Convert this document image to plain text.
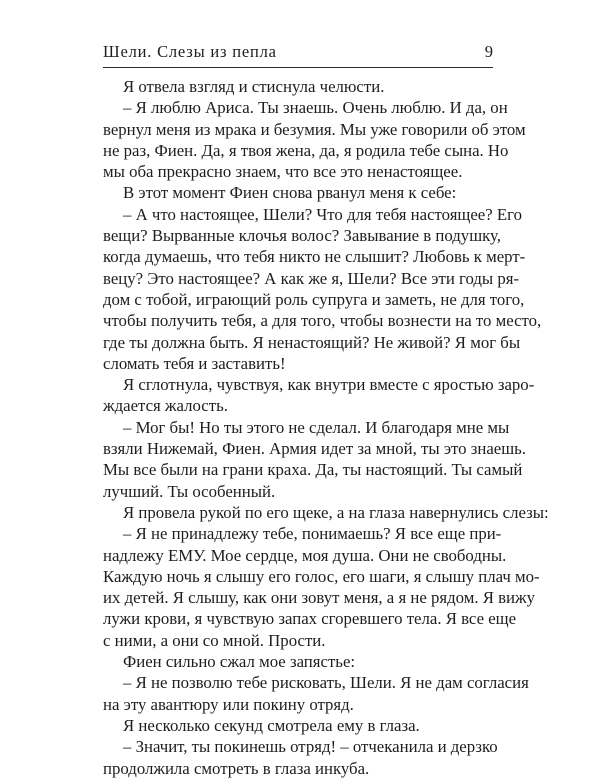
Шели. Слезы из пепла	9
Я отвела взгляд и стиснула челюсти.
– Я люблю Ариса. Ты знаешь. Очень люблю. И да, он
вернул меня из мрака и безумия. Мы уже говорили об этом
не раз, Фиен. Да, я твоя жена, да, я родила тебе сына. Но
мы оба прекрасно знаем, что все это ненастоящее.
В этот момент Фиен снова рванул меня к себе:
– А что настоящее, Шели? Что для тебя настоящее? Его
вещи? Вырванные клочья волос? Завывание в подушку,
когда думаешь, что тебя никто не слышит? Любовь к мерт-
вецу? Это настоящее? А как же я, Шели? Все эти годы ря-
дом с тобой, играющий роль супруга и заметь, не для того,
чтобы получить тебя, а для того, чтобы вознести на то место,
где ты должна быть. Я ненастоящий? Не живой? Я мог бы
сломать тебя и заставить!
Я сглотнула, чувствуя, как внутри вместе с яростью заро-
ждается жалость.
– Мог бы! Но ты этого не сделал. И благодаря мне мы
взяли Нижемай, Фиен. Армия идет за мной, ты это знаешь.
Мы все были на грани краха. Да, ты настоящий. Ты самый
лучший. Ты особенный.
Я провела рукой по его щеке, а на глаза навернулись слезы:
– Я не принадлежу тебе, понимаешь? Я все еще при-
надлежу ЕМУ. Мое сердце, моя душа. Они не свободны.
Каждую ночь я слышу его голос, его шаги, я слышу плач мо-
их детей. Я слышу, как они зовут меня, а я не рядом. Я вижу
лужи крови, я чувствую запах сгоревшего тела. Я все еще
с ними, а они со мной. Прости.
Фиен сильно сжал мое запястье:
– Я не позволю тебе рисковать, Шели. Я не дам согласия
на эту авантюру или покину отряд.
Я несколько секунд смотрела ему в глаза.
– Значит, ты покинешь отряд! – отчеканила и дерзко
продолжила смотреть в глаза инкуба.
